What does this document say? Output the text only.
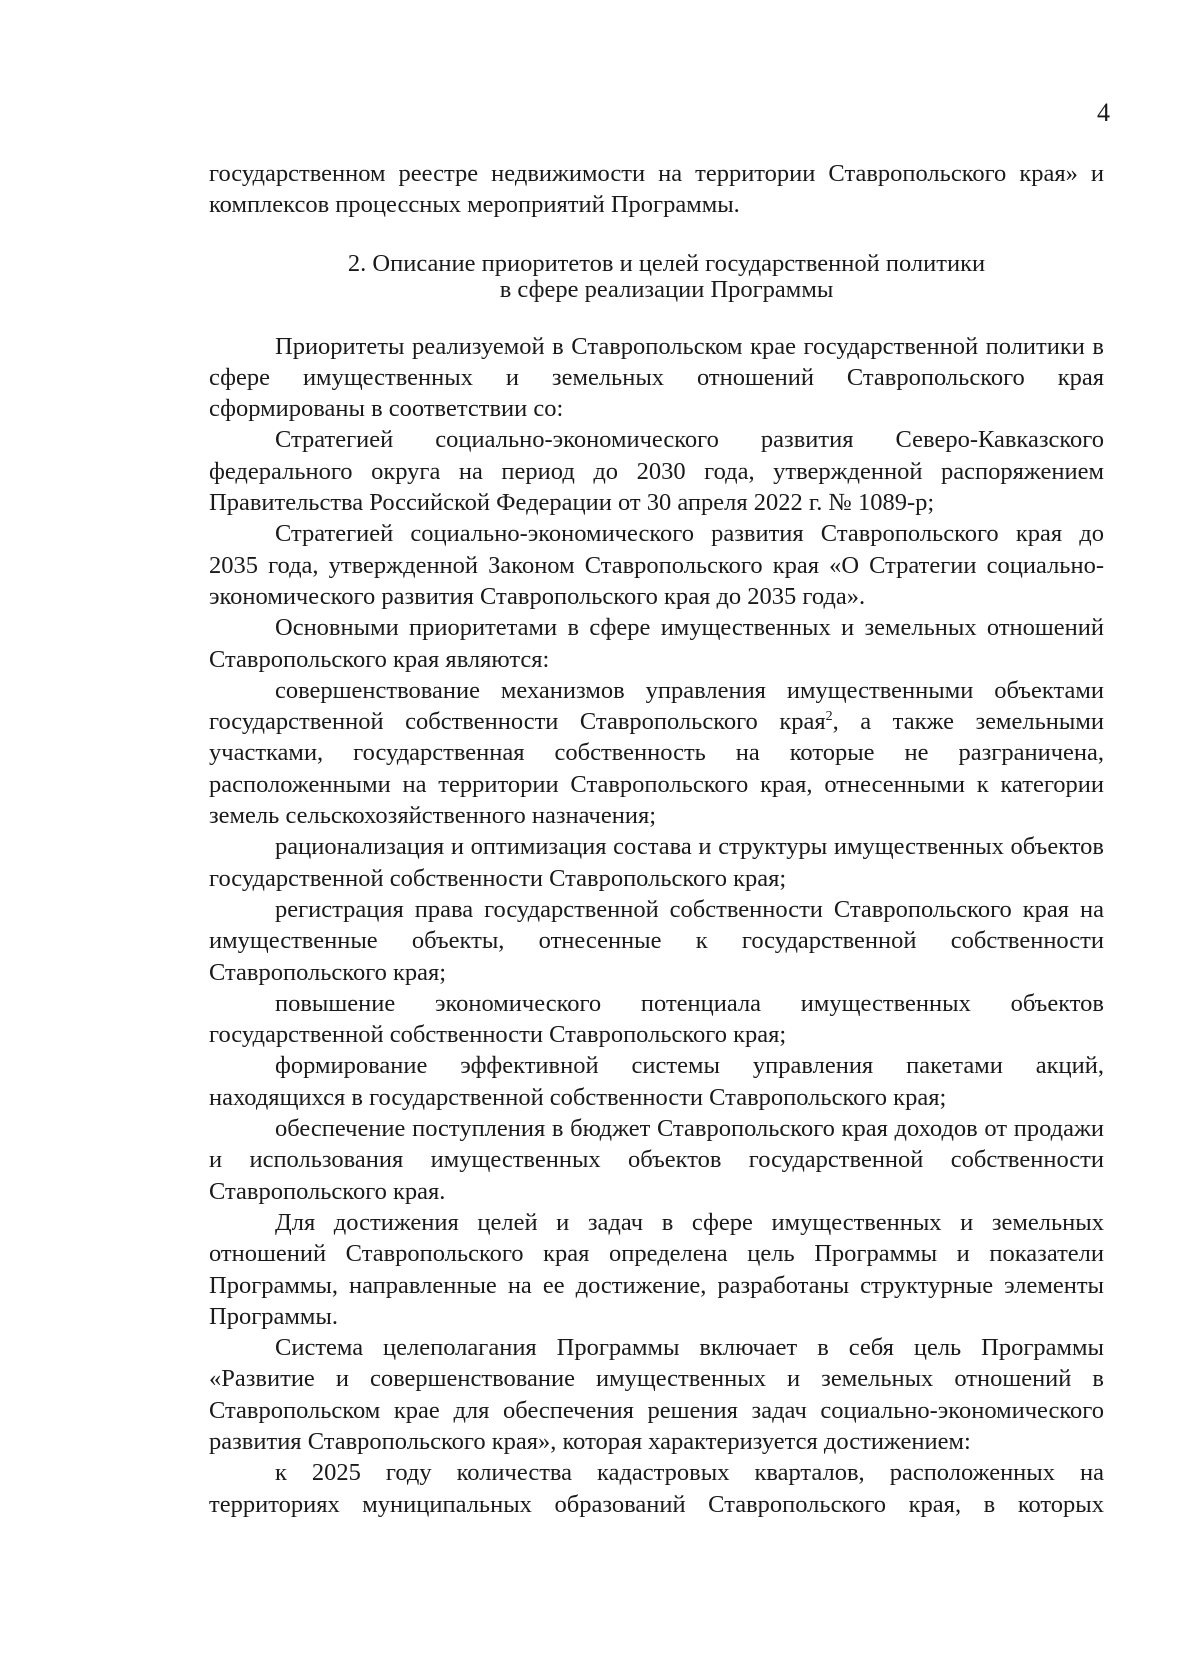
4

государственном реестре недвижимости на территории Ставропольского края» и комплексов процессных мероприятий Программы.

2. Описание приоритетов и целей государственной политики
в сфере реализации Программы

Приоритеты реализуемой в Ставропольском крае государственной политики в сфере имущественных и земельных отношений Ставропольского края сформированы в соответствии со:

Стратегией социально-экономического развития Северо-Кавказского федерального округа на период до 2030 года, утвержденной распоряжением Правительства Российской Федерации от 30 апреля 2022 г. № 1089-р;

Стратегией социально-экономического развития Ставропольского края до 2035 года, утвержденной Законом Ставропольского края «О Стратегии социально-экономического развития Ставропольского края до 2035 года».

Основными приоритетами в сфере имущественных и земельных отношений Ставропольского края являются:

совершенствование механизмов управления имущественными объектами государственной собственности Ставропольского края$^2$, а также земельными участками, государственная собственность на которые не разграничена, расположенными на территории Ставропольского края, отнесенными к категории земель сельскохозяйственного назначения;

рационализация и оптимизация состава и структуры имущественных объектов государственной собственности Ставропольского края;

регистрация права государственной собственности Ставропольского края на имущественные объекты, отнесенные к государственной собственности Ставропольского края;

повышение экономического потенциала имущественных объектов государственной собственности Ставропольского края;

формирование эффективной системы управления пакетами акций, находящихся в государственной собственности Ставропольского края;

обеспечение поступления в бюджет Ставропольского края доходов от продажи и использования имущественных объектов государственной собственности Ставропольского края.

Для достижения целей и задач в сфере имущественных и земельных отношений Ставропольского края определена цель Программы и показатели Программы, направленные на ее достижение, разработаны структурные элементы Программы.

Система целеполагания Программы включает в себя цель Программы «Развитие и совершенствование имущественных и земельных отношений в Ставропольском крае для обеспечения решения задач социально-экономического развития Ставропольского края», которая характеризуется достижением:

к 2025 году количества кадастровых кварталов, расположенных на территориях муниципальных образований Ставропольского края, в которых
